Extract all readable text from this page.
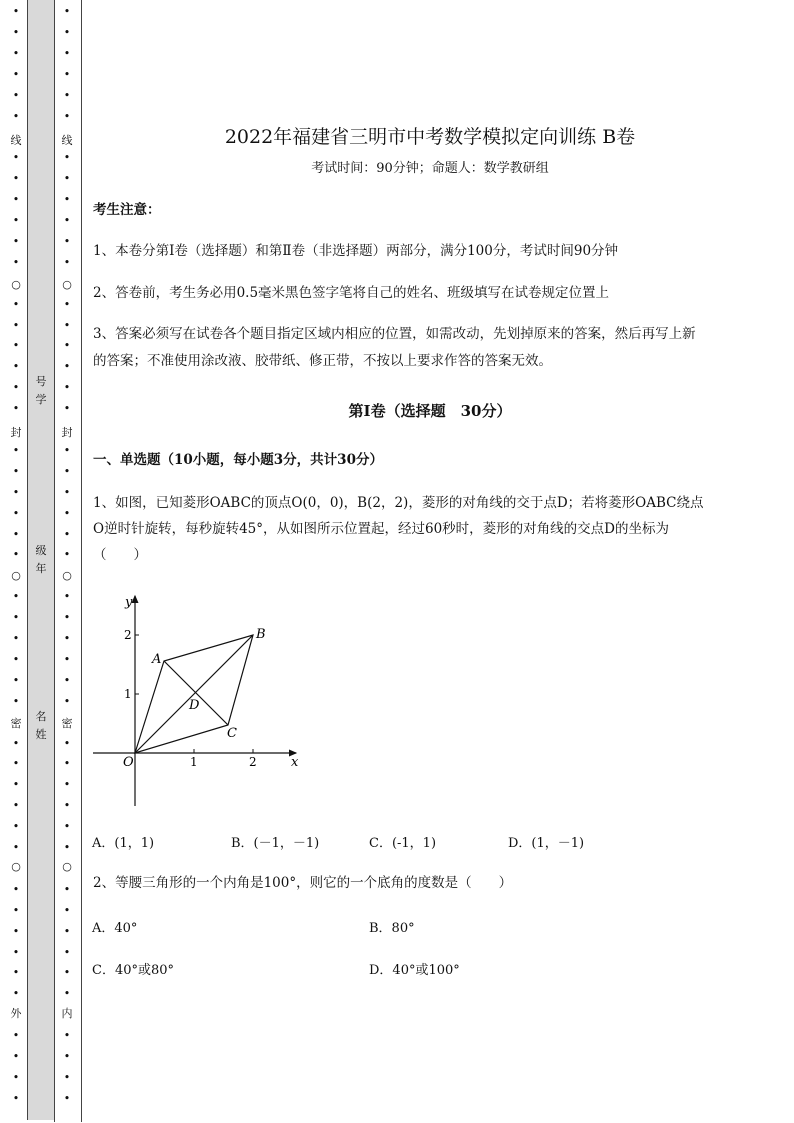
•
•
•
•
•
•
•
•
•
•
•
•
•
•
•
•
•
•
•
•
•
•
•
•
•
•
•
•
•
•
•
•
•
•
•
•
•
•
•
•
•
•
•
•
•
•
线
○
封
○
密
○
外
号
学
级
年
名
姓
•
•
•
•
•
•
•
•
•
•
•
•
•
•
•
•
•
•
•
•
•
•
•
•
•
•
•
•
•
•
•
•
•
•
•
•
•
•
•
•
•
•
•
•
•
•
线
○
封
○
密
○
内
2022年福建省三明市中考数学模拟定向训练 B卷
考试时间：90分钟；命题人：数学教研组
考生注意：
1、本卷分第I卷（选择题）和第Ⅱ卷（非选择题）两部分，满分100分，考试时间90分钟
2、答卷前，考生务必用0.5毫米黑色签字笔将自己的姓名、班级填写在试卷规定位置上
3、答案必须写在试卷各个题目指定区域内相应的位置，如需改动，先划掉原来的答案，然后再写上新
的答案；不准使用涂改液、胶带纸、修正带，不按以上要求作答的答案无效。
第I卷（选择题　30分）
一、单选题（10小题，每小题3分，共计30分）
1、如图，已知菱形OABC的顶点O(0，0)，B(2，2)，菱形的对角线的交于点D；若将菱形OABC绕点
O逆时针旋转，每秒旋转45°，从如图所示位置起，经过60秒时，菱形的对角线的交点D的坐标为
（　　）
y
x
O	1	2
1
2
A
B
C
D
A．(1，1)	B．(－1，－1)	C．(-1，1)	D．(1，－1)
2、等腰三角形的一个内角是100°，则它的一个底角的度数是（　　）
A．40°	B．80°
C．40°或80°	D．40°或100°
